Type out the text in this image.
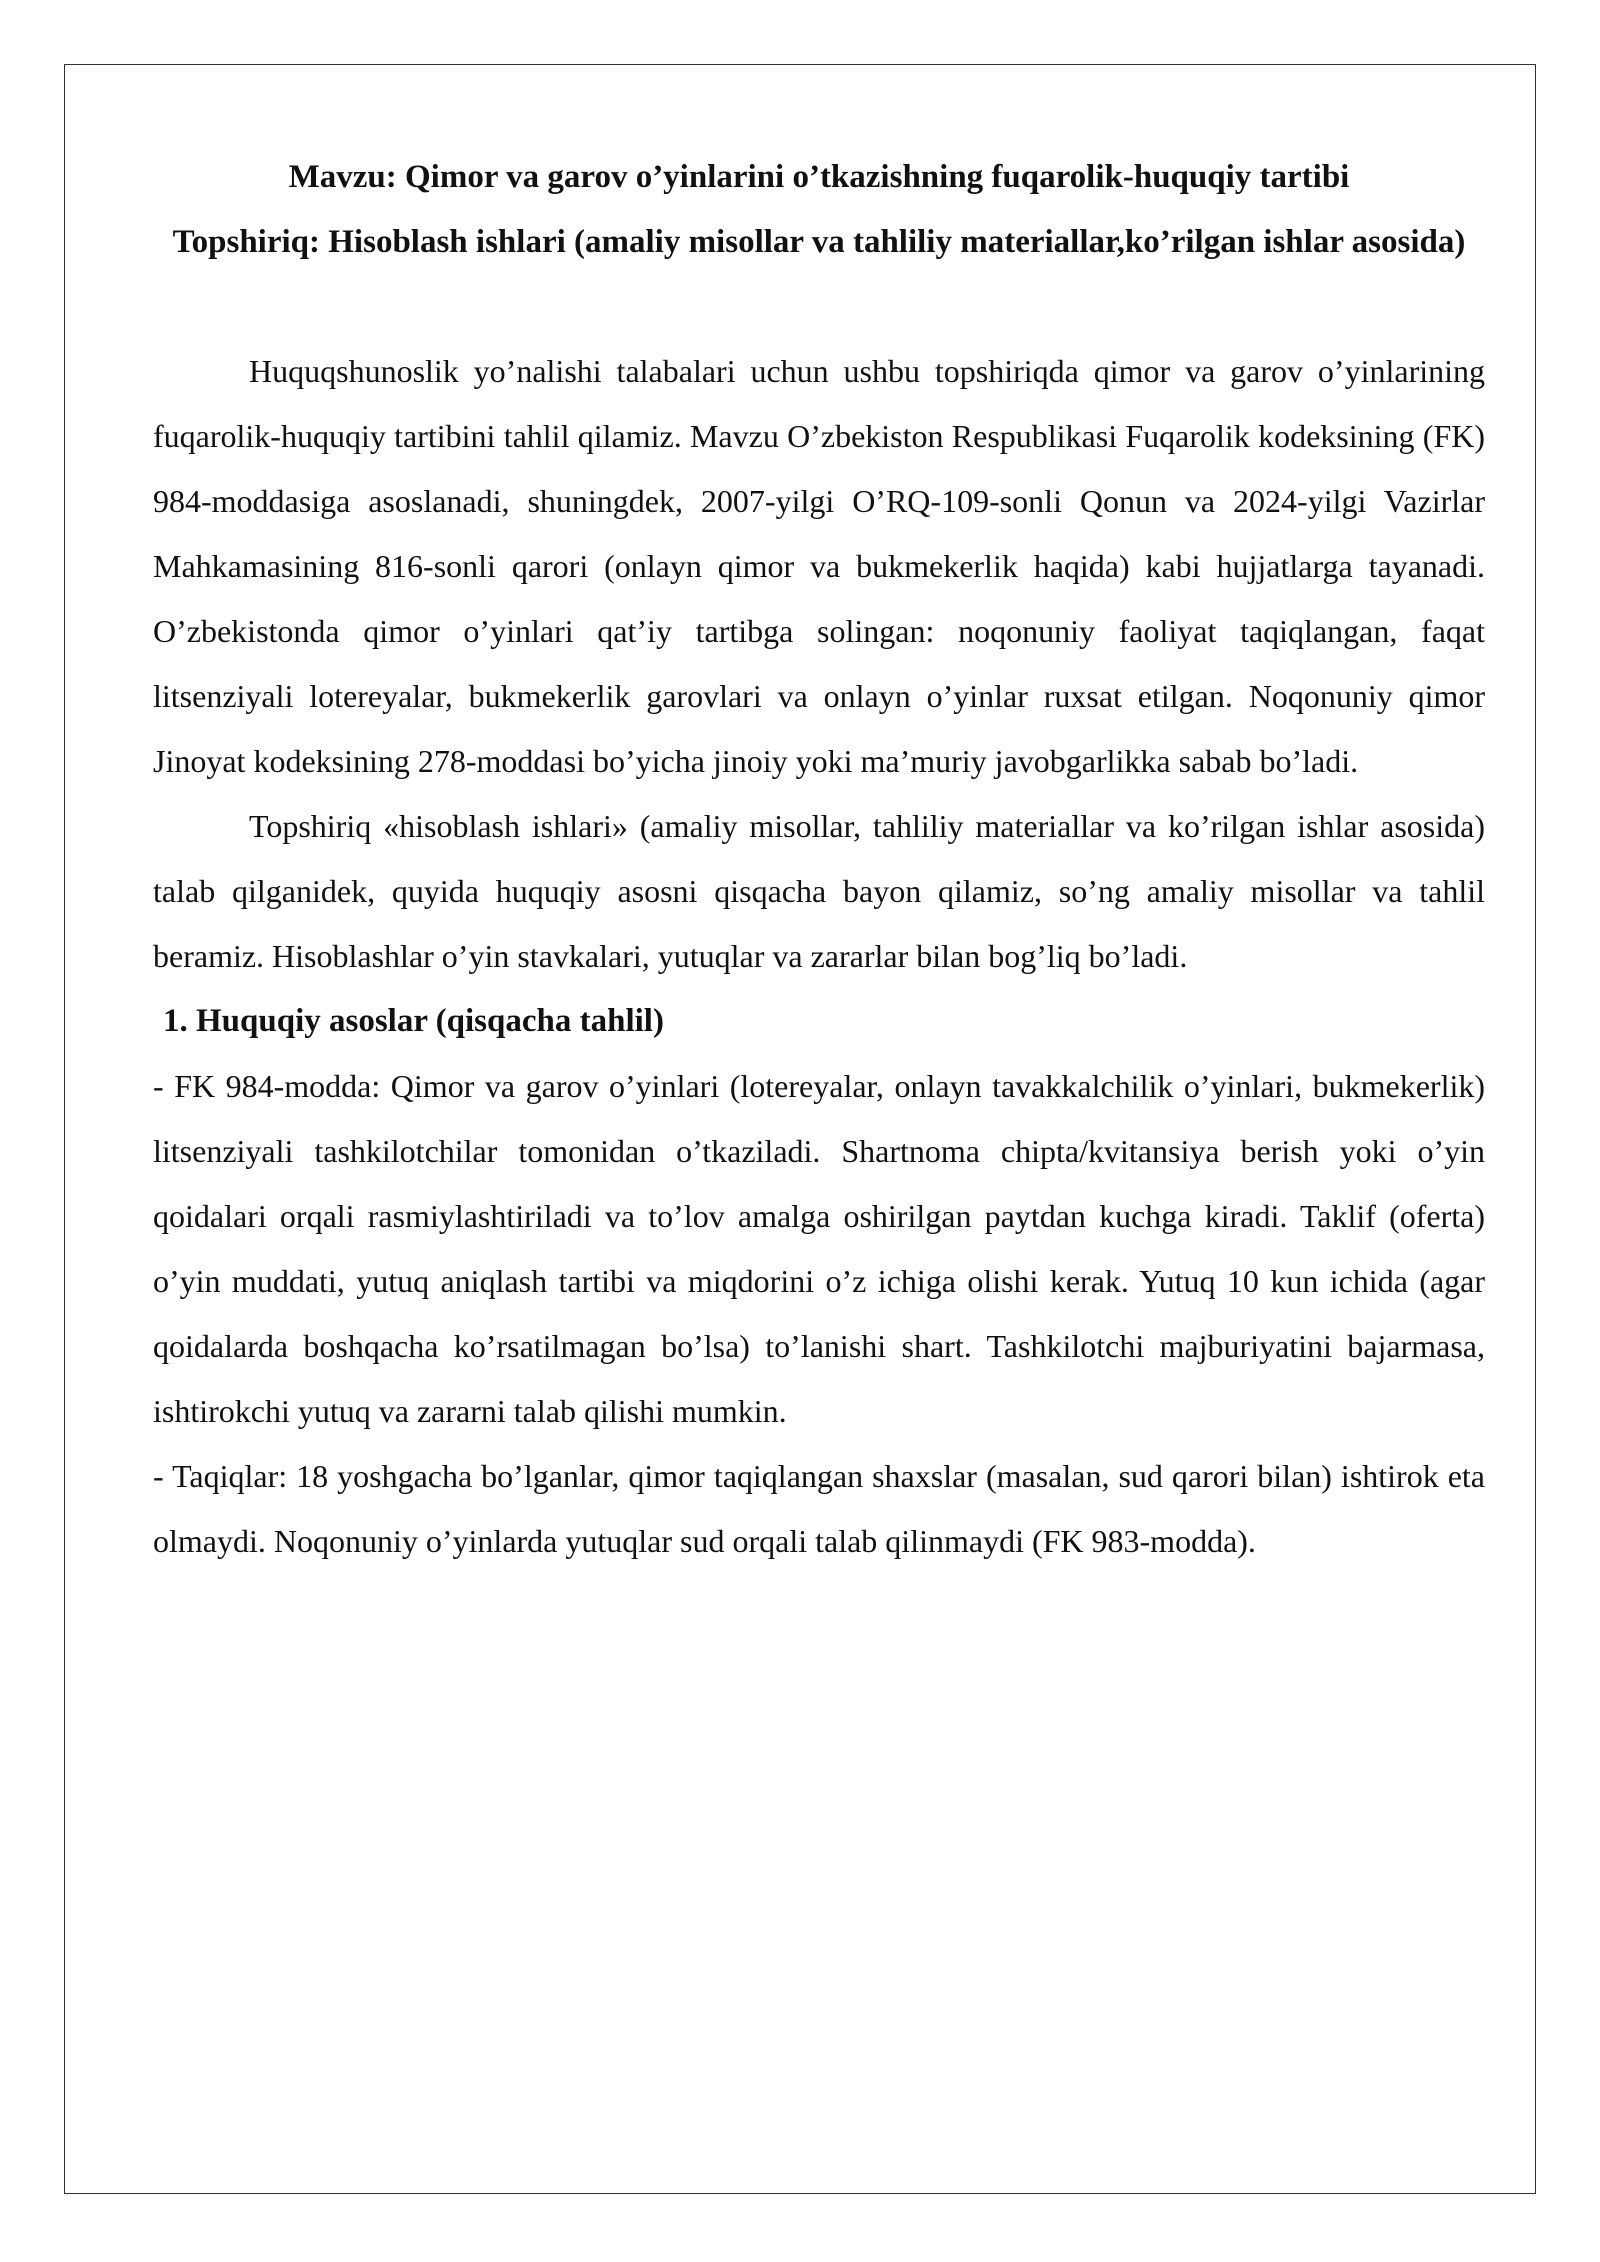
Mavzu: Qimor va garov o’yinlarini o’tkazishning fuqarolik-huquqiy tartibi
Topshiriq: Hisoblash ishlari (amaliy misollar va tahliliy materiallar,ko’rilgan ishlar asosida)

Huquqshunoslik yo’nalishi talabalari uchun ushbu topshiriqda qimor va garov o’yinlarining fuqarolik-huquqiy tartibini tahlil qilamiz. Mavzu O’zbekiston Respublikasi Fuqarolik kodeksining (FK) 984-moddasiga asoslanadi, shuningdek, 2007-yilgi O’RQ-109-sonli Qonun va 2024-yilgi Vazirlar Mahkamasining 816-sonli qarori (onlayn qimor va bukmekerlik haqida) kabi hujjatlarga tayanadi. O’zbekistonda qimor o’yinlari qat’iy tartibga solingan: noqonuniy faoliyat taqiqlangan, faqat litsenziyali lotereyalar, bukmekerlik garovlari va onlayn o’yinlar ruxsat etilgan. Noqonuniy qimor Jinoyat kodeksining 278-moddasi bo’yicha jinoiy yoki ma’muriy javobgarlikka sabab bo’ladi.

Topshiriq «hisoblash ishlari» (amaliy misollar, tahliliy materiallar va ko’rilgan ishlar asosida) talab qilganidek, quyida huquqiy asosni qisqacha bayon qilamiz, so’ng amaliy misollar va tahlil beramiz. Hisoblashlar o’yin stavkalari, yutuqlar va zararlar bilan bog’liq bo’ladi.

1. Huquqiy asoslar (qisqacha tahlil)

- FK 984-modda: Qimor va garov o’yinlari (lotereyalar, onlayn tavakkalchilik o’yinlari, bukmekerlik) litsenziyali tashkilotchilar tomonidan o’tkaziladi. Shartnoma chipta/kvitansiya berish yoki o’yin qoidalari orqali rasmiylashtiriladi va to’lov amalga oshirilgan paytdan kuchga kiradi. Taklif (oferta) o’yin muddati, yutuq aniqlash tartibi va miqdorini o’z ichiga olishi kerak. Yutuq 10 kun ichida (agar qoidalarda boshqacha ko’rsatilmagan bo’lsa) to’lanishi shart. Tashkilotchi majburiyatini bajarmasa, ishtirokchi yutuq va zararni talab qilishi mumkin.

- Taqiqlar: 18 yoshgacha bo’lganlar, qimor taqiqlangan shaxslar (masalan, sud qarori bilan) ishtirok eta olmaydi. Noqonuniy o’yinlarda yutuqlar sud orqali talab qilinmaydi (FK 983-modda).
